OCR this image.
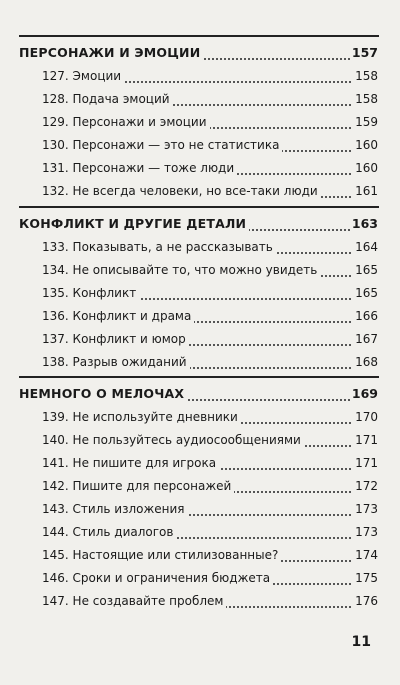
ПЕРСОНАЖИ И ЭМОЦИИ	157
127. Эмоции	158
128. Подача эмоций	158
129. Персонажи и эмоции	159
130. Персонажи — это не статистика	160
131. Персонажи — тоже люди	160
132. Не всегда человеки, но все-таки люди	161
КОНФЛИКТ И ДРУГИЕ ДЕТАЛИ	163
133. Показывать, а не рассказывать	164
134. Не описывайте то, что можно увидеть	165
135. Конфликт	165
136. Конфликт и драма	166
137. Конфликт и юмор	167
138. Разрыв ожиданий	168
НЕМНОГО О МЕЛОЧАХ	169
139. Не используйте дневники	170
140. Не пользуйтесь аудиосообщениями	171
141. Не пишите для игрока	171
142. Пишите для персонажей	172
143. Стиль изложения	173
144. Стиль диалогов	173
145. Настоящие или стилизованные?	174
146. Сроки и ограничения бюджета	175
147. Не создавайте проблем	176
11
